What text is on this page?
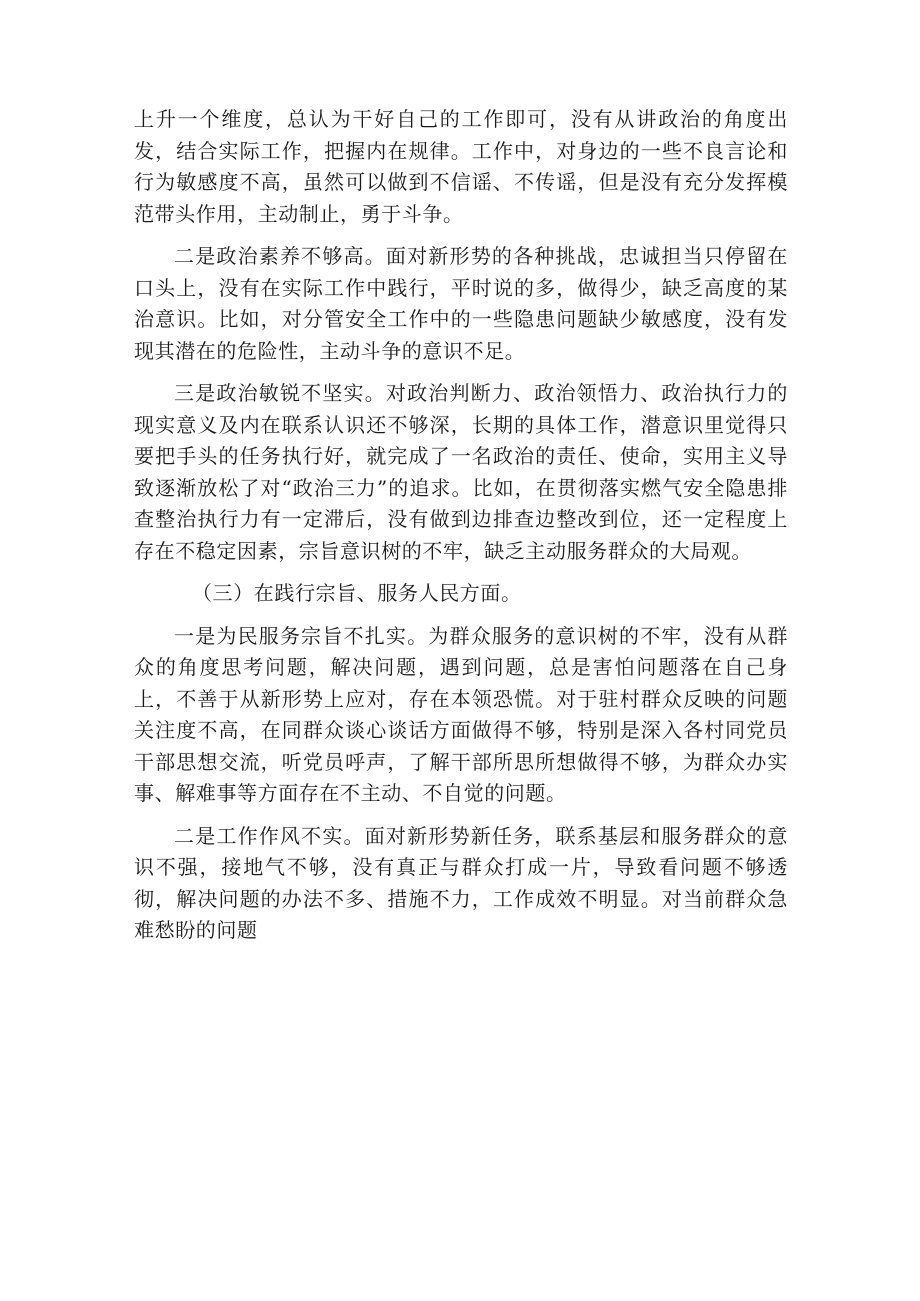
上升一个维度，总认为干好自己的工作即可，没有从讲政治的角度出发，结合实际工作，把握内在规律。工作中，对身边的一些不良言论和行为敏感度不高，虽然可以做到不信谣、不传谣，但是没有充分发挥模范带头作用，主动制止，勇于斗争。

二是政治素养不够高。面对新形势的各种挑战，忠诚担当只停留在口头上，没有在实际工作中践行，平时说的多，做得少，缺乏高度的某治意识。比如，对分管安全工作中的一些隐患问题缺少敏感度，没有发现其潜在的危险性，主动斗争的意识不足。

三是政治敏锐不坚实。对政治判断力、政治领悟力、政治执行力的现实意义及内在联系认识还不够深，长期的具体工作，潜意识里觉得只要把手头的任务执行好，就完成了一名政治的责任、使命，实用主义导致逐渐放松了对“政治三力”的追求。比如，在贯彻落实燃气安全隐患排查整治执行力有一定滞后，没有做到边排查边整改到位，还一定程度上存在不稳定因素，宗旨意识树的不牢，缺乏主动服务群众的大局观。

（三）在践行宗旨、服务人民方面。

一是为民服务宗旨不扎实。为群众服务的意识树的不牢，没有从群众的角度思考问题，解决问题，遇到问题，总是害怕问题落在自己身上，不善于从新形势上应对，存在本领恐慌。对于驻村群众反映的问题关注度不高，在同群众谈心谈话方面做得不够，特别是深入各村同党员干部思想交流，听党员呼声，了解干部所思所想做得不够，为群众办实事、解难事等方面存在不主动、不自觉的问题。

二是工作作风不实。面对新形势新任务，联系基层和服务群众的意识不强，接地气不够，没有真正与群众打成一片，导致看问题不够透彻，解决问题的办法不多、措施不力，工作成效不明显。对当前群众急难愁盼的问题
